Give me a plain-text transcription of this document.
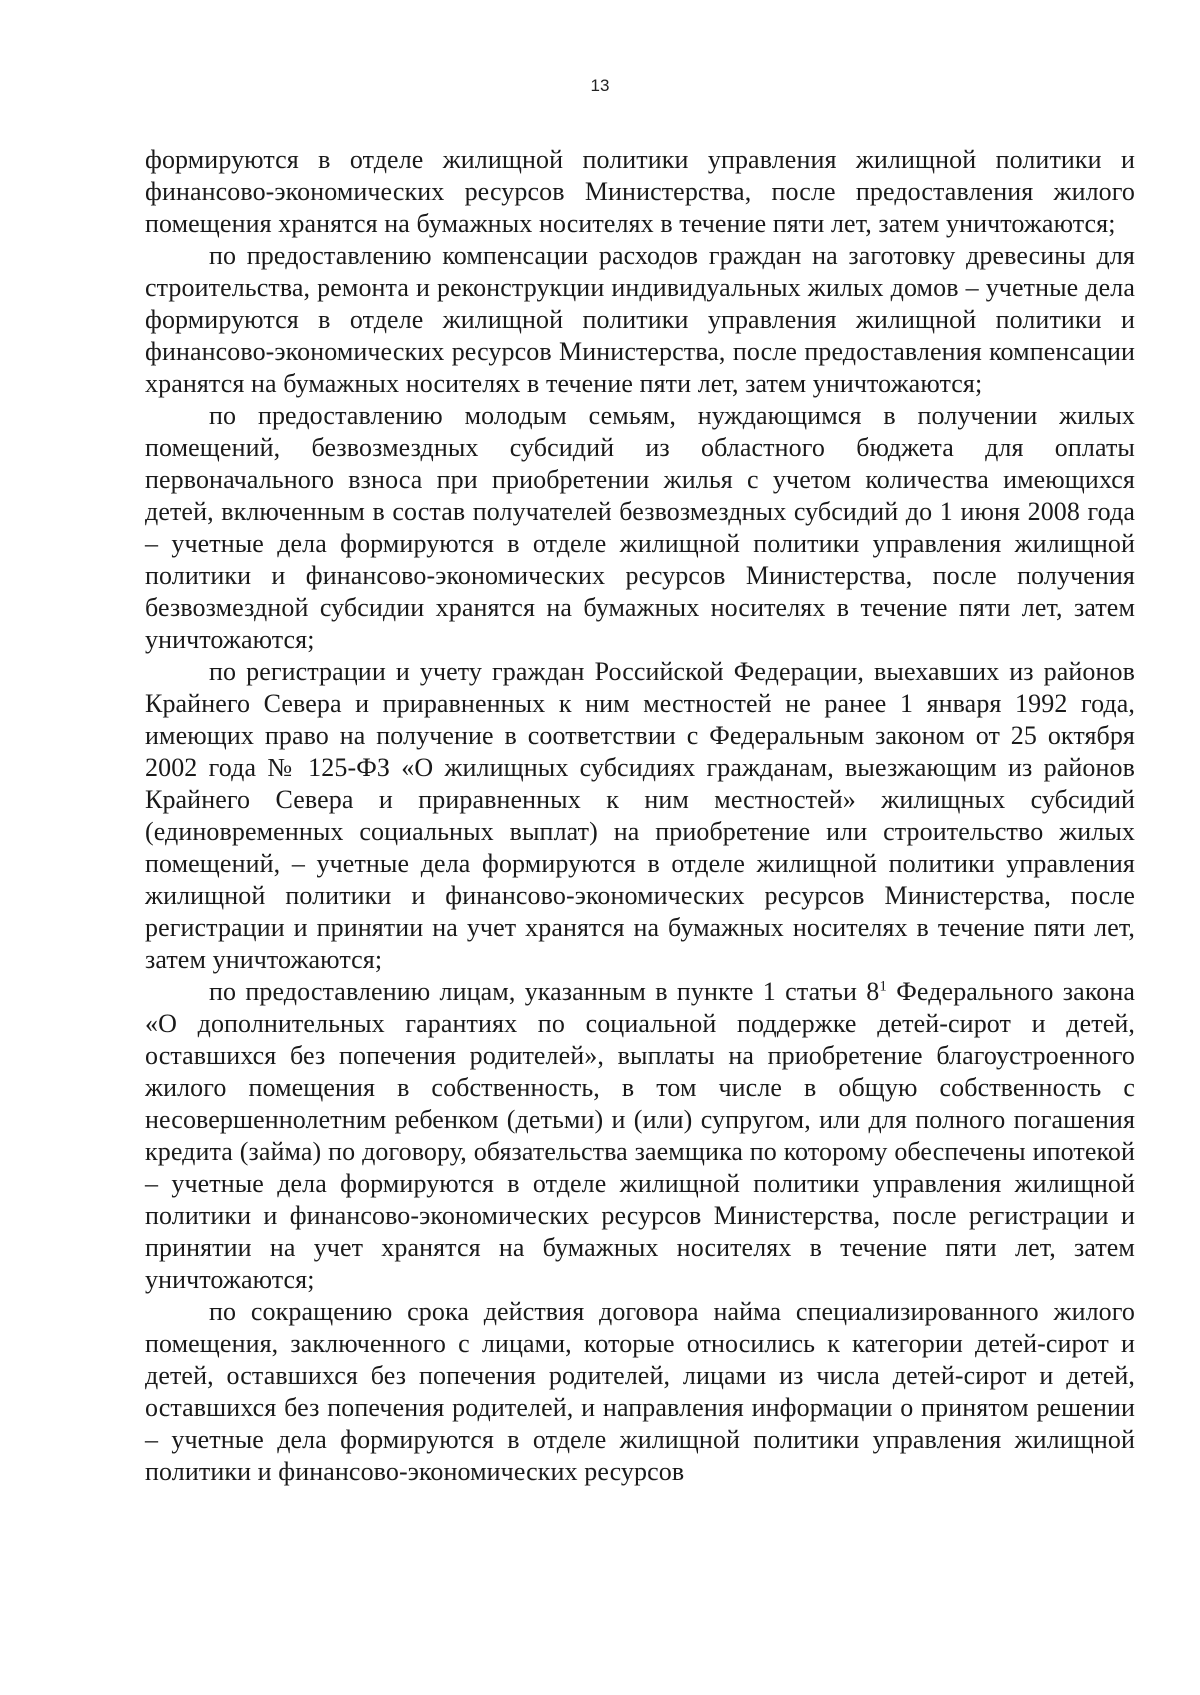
13

формируются в отделе жилищной политики управления жилищной политики и финансово-экономических ресурсов Министерства, после предоставления жилого помещения хранятся на бумажных носителях в течение пяти лет, затем уничтожаются;

по предоставлению компенсации расходов граждан на заготовку древесины для строительства, ремонта и реконструкции индивидуальных жилых домов – учетные дела формируются в отделе жилищной политики управления жилищной политики и финансово-экономических ресурсов Министерства, после предоставления компенсации хранятся на бумажных носителях в течение пяти лет, затем уничтожаются;

по предоставлению молодым семьям, нуждающимся в получении жилых помещений, безвозмездных субсидий из областного бюджета для оплаты первоначального взноса при приобретении жилья с учетом количества имеющихся детей, включенным в состав получателей безвозмездных субсидий до 1 июня 2008 года – учетные дела формируются в отделе жилищной политики управления жилищной политики и финансово-экономических ресурсов Министерства, после получения безвозмездной субсидии хранятся на бумажных носителях в течение пяти лет, затем уничтожаются;

по регистрации и учету граждан Российской Федерации, выехавших из районов Крайнего Севера и приравненных к ним местностей не ранее 1 января 1992 года, имеющих право на получение в соответствии с Федеральным законом от 25 октября 2002 года № 125-ФЗ «О жилищных субсидиях гражданам, выезжающим из районов Крайнего Севера и приравненных к ним местностей» жилищных субсидий (единовременных социальных выплат) на приобретение или строительство жилых помещений, – учетные дела формируются в отделе жилищной политики управления жилищной политики и финансово-экономических ресурсов Министерства, после регистрации и принятии на учет хранятся на бумажных носителях в течение пяти лет, затем уничтожаются;

по предоставлению лицам, указанным в пункте 1 статьи $8^1$ Федерального закона «О дополнительных гарантиях по социальной поддержке детей-сирот и детей, оставшихся без попечения родителей», выплаты на приобретение благоустроенного жилого помещения в собственность, в том числе в общую собственность с несовершеннолетним ребенком (детьми) и (или) супругом, или для полного погашения кредита (займа) по договору, обязательства заемщика по которому обеспечены ипотекой – учетные дела формируются в отделе жилищной политики управления жилищной политики и финансово-экономических ресурсов Министерства, после регистрации и принятии на учет хранятся на бумажных носителях в течение пяти лет, затем уничтожаются;

по сокращению срока действия договора найма специализированного жилого помещения, заключенного с лицами, которые относились к категории детей-сирот и детей, оставшихся без попечения родителей, лицами из числа детей-сирот и детей, оставшихся без попечения родителей, и направления информации о принятом решении – учетные дела формируются в отделе жилищной политики управления жилищной политики и финансово-экономических ресурсов
